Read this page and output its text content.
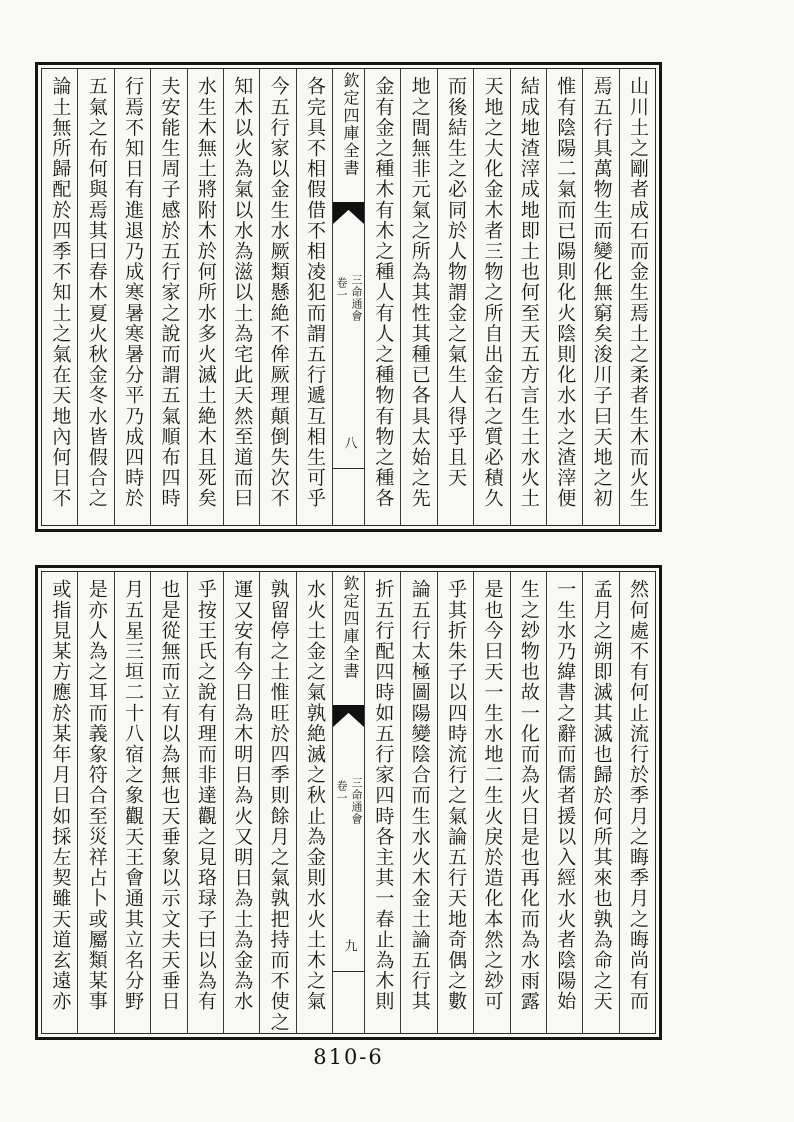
山川土之剛者成石而金生焉土之柔者生木而火生
焉五行具萬物生而變化無窮矣浚川子曰天地之初
惟有陰陽二氣而已陽則化火陰則化水水之渣滓便
結成地渣滓成地即土也何至天五方言生土水火土
天地之大化金木者三物之所自出金石之質必積久
而後結生之必同於人物謂金之氣生人得乎且天
地之間無非元氣之所為其性其種已各具太始之先
金有金之種木有木之種人有人之種物有物之種各
欽定四庫全書
三命通會
卷一
八
各完具不相假借不相凌犯而謂五行遞互相生可乎
今五行家以金生水厥類懸絶不侔厥理顛倒失次不
知木以火為氣以水為滋以土為宅此天然至道而曰
水生木無土將附木於何所水多火滅土絶木且死矣
夫安能生周子感於五行家之說而謂五氣順布四時
行焉不知日有進退乃成寒暑寒暑分平乃成四時於
五氣之布何與焉其曰春木夏火秋金冬水皆假合之
論土無所歸配於四季不知土之氣在天地內何日不
然何處不有何止流行於季月之晦季月之晦尚有而
孟月之朔即滅其滅也歸於何所其來也孰為命之天
一生水乃緯書之辭而儒者援以入經水火者陰陽始
生之玅物也故一化而為火日是也再化而為水雨露
是也今曰天一生水地二生火戾於造化本然之玅可
乎其折朱子以四時流行之氣論五行天地奇偶之數
論五行太極圖陽變陰合而生水火木金土論五行其
折五行配四時如五行家四時各主其一春止為木則
欽定四庫全書
三命通會
卷一
九
水火土金之氣孰絶滅之秋止為金則水火土木之氣
孰留停之土惟旺於四季則餘月之氣孰把持而不使之
運又安有今日為木明日為火又明日為土為金為水
乎按王氏之說有理而非達觀之見珞琭子曰以為有
也是從無而立有以為無也天垂象以示文夫天垂日
月五星三垣二十八宿之象觀天王會通其立名分野
是亦人為之耳而義象符合至災祥占卜或屬類某事
或指見某方應於某年月日如採左契雖天道玄遠亦
810-6
